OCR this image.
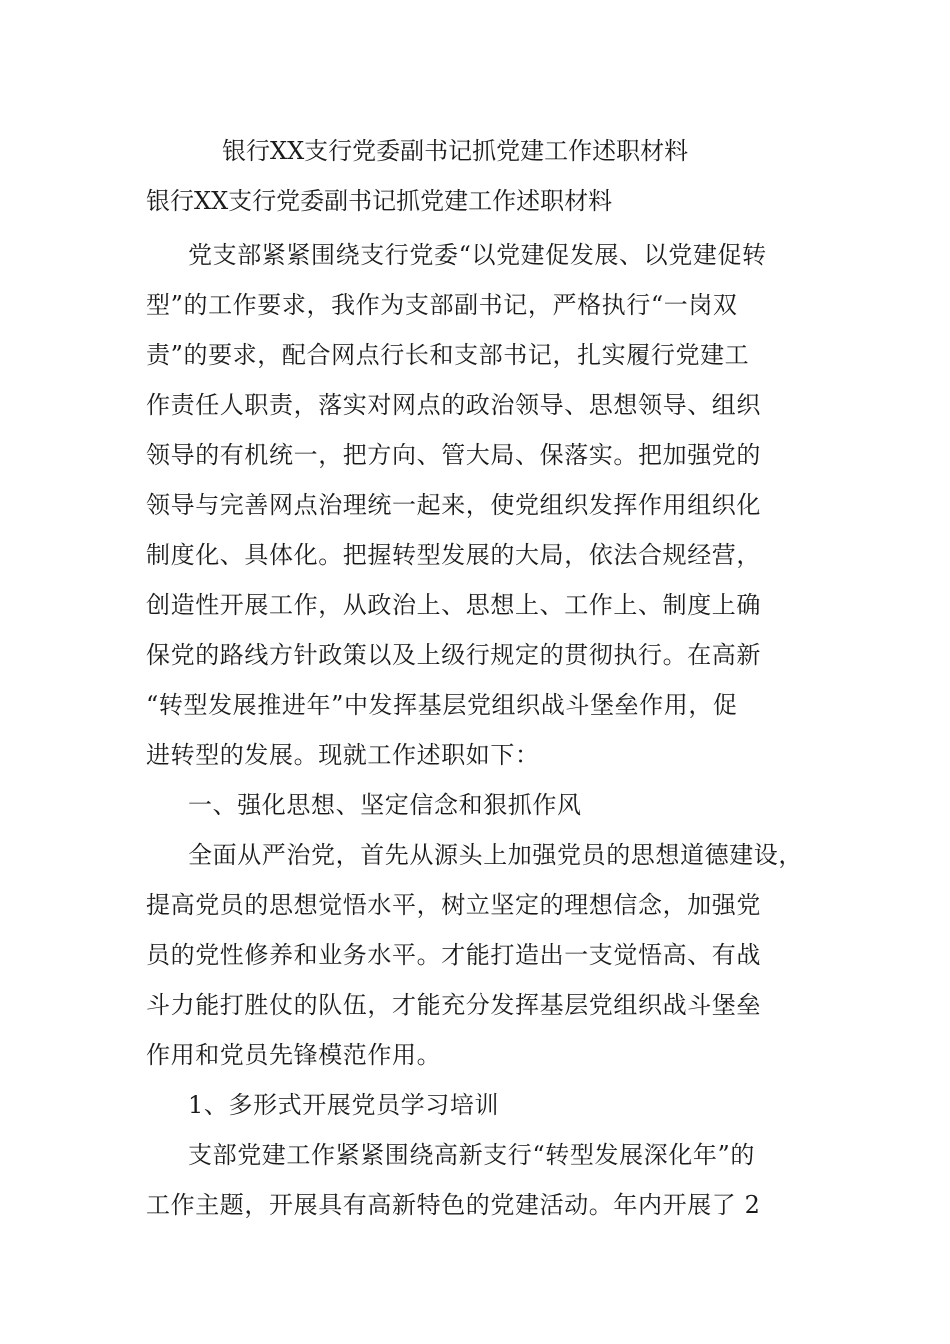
银行XX支行党委副书记抓党建工作述职材料
银行XX支行党委副书记抓党建工作述职材料
党支部紧紧围绕支行党委“以党建促发展、以党建促转
型”的工作要求，我作为支部副书记，严格执行“一岗双
责”的要求，配合网点行长和支部书记，扎实履行党建工
作责任人职责，落实对网点的政治领导、思想领导、组织
领导的有机统一，把方向、管大局、保落实。把加强党的
领导与完善网点治理统一起来，使党组织发挥作用组织化
制度化、具体化。把握转型发展的大局，依法合规经营，
创造性开展工作，从政治上、思想上、工作上、制度上确
保党的路线方针政策以及上级行规定的贯彻执行。在高新
“转型发展推进年”中发挥基层党组织战斗堡垒作用，促
进转型的发展。现就工作述职如下：
一、强化思想、坚定信念和狠抓作风
全面从严治党，首先从源头上加强党员的思想道德建设，
提高党员的思想觉悟水平，树立坚定的理想信念，加强党
员的党性修养和业务水平。才能打造出一支觉悟高、有战
斗力能打胜仗的队伍，才能充分发挥基层党组织战斗堡垒
作用和党员先锋模范作用。
1、多形式开展党员学习培训
支部党建工作紧紧围绕高新支行“转型发展深化年”的
工作主题，开展具有高新特色的党建活动。年内开展了 2
